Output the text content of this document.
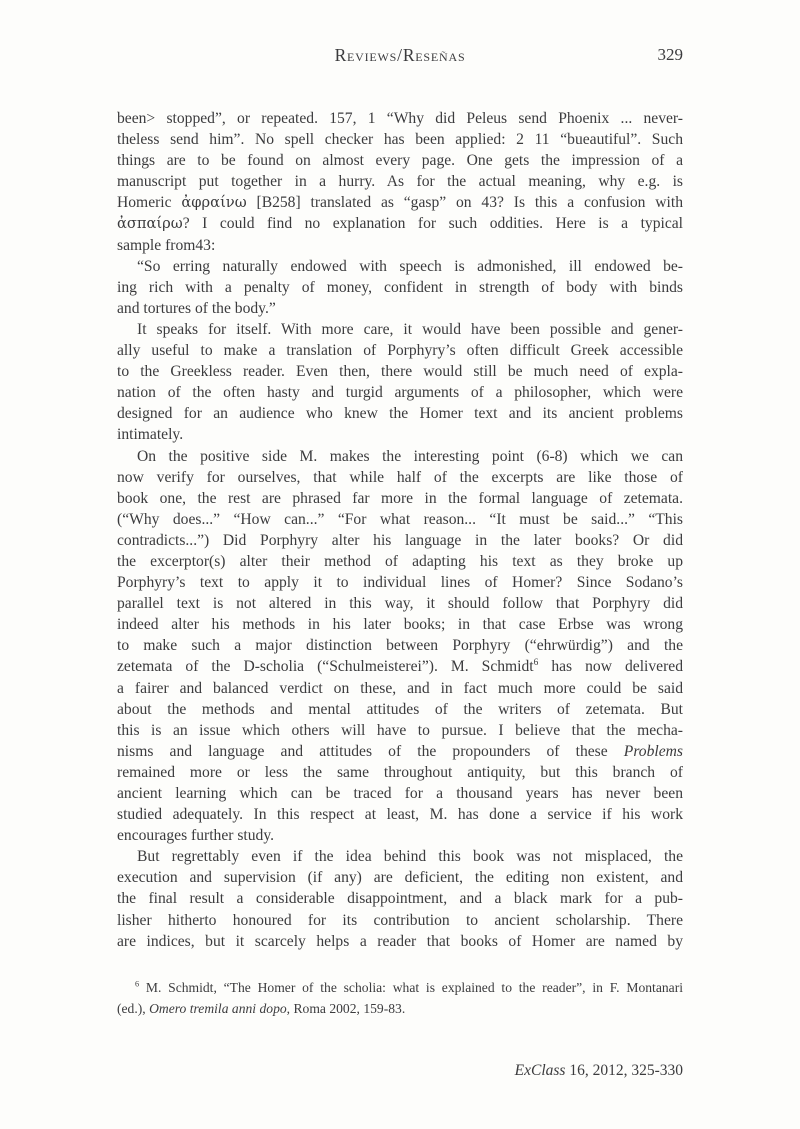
Reviews/Reseñas	329
been> stopped”, or repeated. 157, 1 “Why did Peleus send Phoenix ... never-
theless send him”. No spell checker has been applied: 2 11 “bueautiful”. Such
things are to be found on almost every page. One gets the impression of a
manuscript put together in a hurry. As for the actual meaning, why e.g. is
Homeric ἀφραίνω [B258] translated as “gasp” on 43? Is this a confusion with
ἀσπαίρω? I could find no explanation for such oddities. Here is a typical
sample from43:
“So erring naturally endowed with speech is admonished, ill endowed be-
ing rich with a penalty of money, confident in strength of body with binds
and tortures of the body.”
It speaks for itself. With more care, it would have been possible and gener-
ally useful to make a translation of Porphyry’s often difficult Greek accessible
to the Greekless reader. Even then, there would still be much need of expla-
nation of the often hasty and turgid arguments of a philosopher, which were
designed for an audience who knew the Homer text and its ancient problems
intimately.
On the positive side M. makes the interesting point (6-8) which we can
now verify for ourselves, that while half of the excerpts are like those of
book one, the rest are phrased far more in the formal language of zetemata.
(“Why does...” “How can...” “For what reason... “It must be said...” “This
contradicts...”) Did Porphyry alter his language in the later books? Or did
the excerptor(s) alter their method of adapting his text as they broke up
Porphyry’s text to apply it to individual lines of Homer? Since Sodano’s
parallel text is not altered in this way, it should follow that Porphyry did
indeed alter his methods in his later books; in that case Erbse was wrong
to make such a major distinction between Porphyry (“ehrwürdig”) and the
zetemata of the D-scholia (“Schulmeisterei”). M. Schmidt$^6$ has now delivered
a fairer and balanced verdict on these, and in fact much more could be said
about the methods and mental attitudes of the writers of zetemata. But
this is an issue which others will have to pursue. I believe that the mecha-
nisms and language and attitudes of the propounders of these Problems
remained more or less the same throughout antiquity, but this branch of
ancient learning which can be traced for a thousand years has never been
studied adequately. In this respect at least, M. has done a service if his work
encourages further study.
But regrettably even if the idea behind this book was not misplaced, the
execution and supervision (if any) are deficient, the editing non existent, and
the final result a considerable disappointment, and a black mark for a pub-
lisher hitherto honoured for its contribution to ancient scholarship. There
are indices, but it scarcely helps a reader that books of Homer are named by
$^6$ M. Schmidt, “The Homer of the scholia: what is explained to the reader”, in F. Montanari
(ed.), Omero tremila anni dopo, Roma 2002, 159-83.
ExClass 16, 2012, 325-330
